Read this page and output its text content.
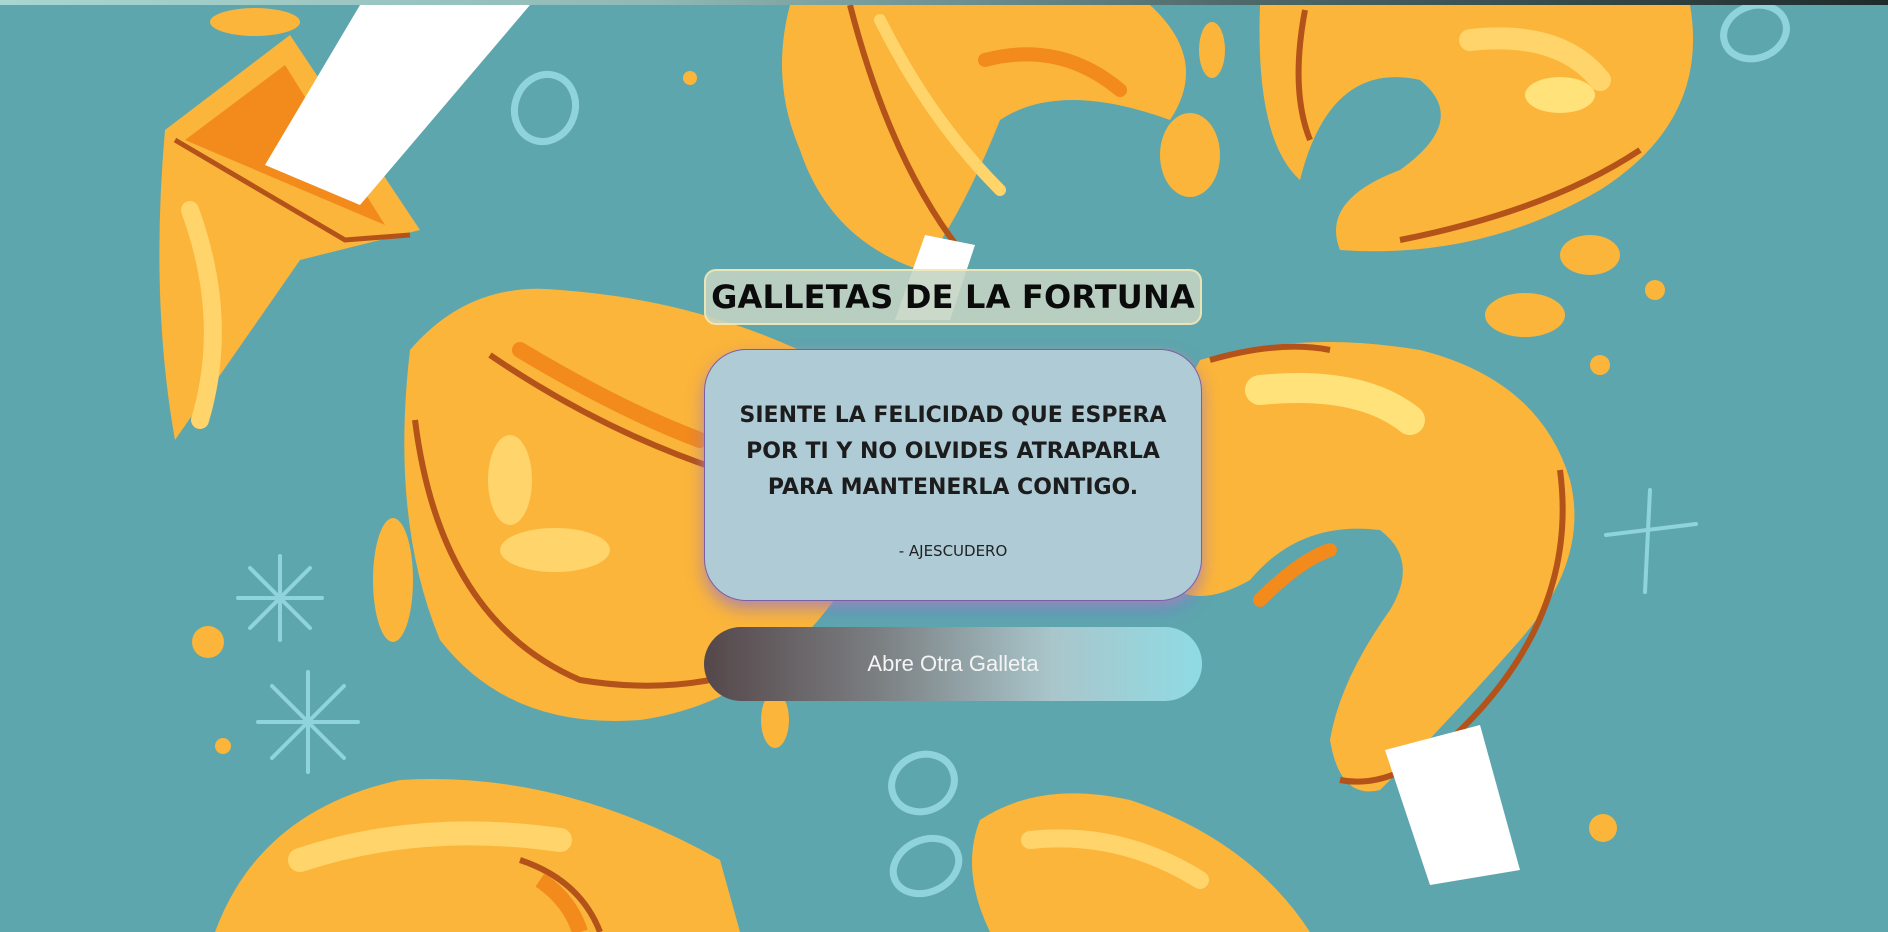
GALLETAS DE LA FORTUNA

SIENTE LA FELICIDAD QUE ESPERA POR TI Y NO OLVIDES ATRAPARLA PARA MANTENERLA CONTIGO.

- AJESCUDERO
Abre Otra Galleta
